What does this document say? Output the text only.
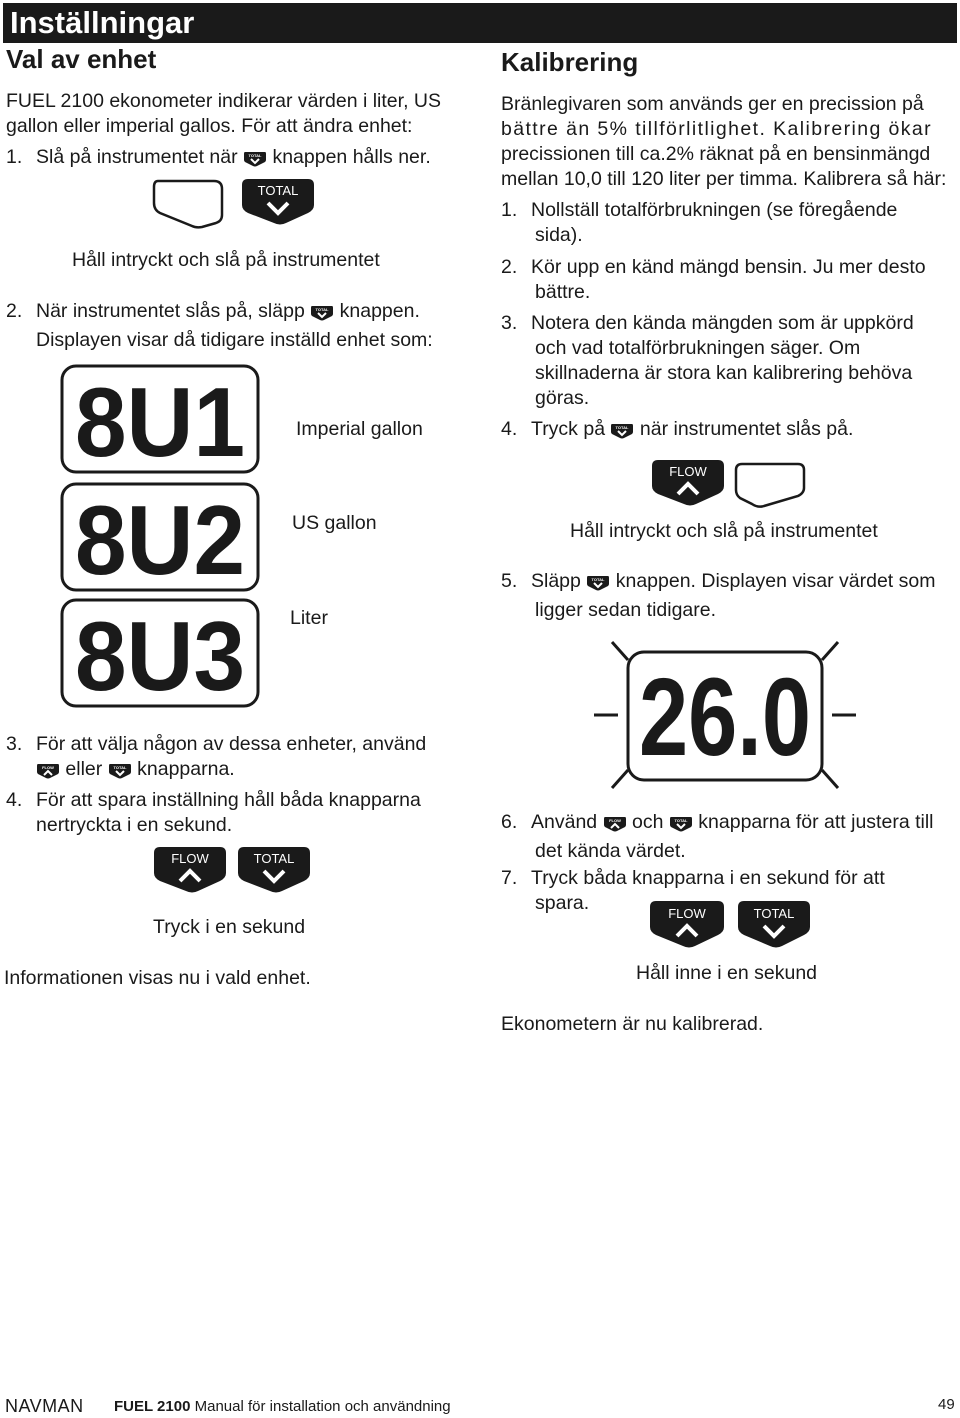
Inställningar
Val av enhet
FUEL 2100 ekonometer indikerar värden i liter, US
gallon eller imperial gallos. För att ändra enhet:
1. Slå på instrumentet när	TOTAL knappen hålls ner.
TOTAL
Håll intryckt och slå på instrumentet
2. När instrumentet slås på, släpp	TOTAL knappen.
Displayen visar då tidigare inställd enhet som:
8U1	Imperial gallon
8U2 US gallon
8U3 Liter
3. För att välja någon av dessa enheter, använd
FLOW eller	TOTAL knapparna.
4. För att spara inställning håll båda knapparna
nertryckta i en sekund.
FLOW	TOTAL
Tryck i en sekund
Informationen visas nu i vald enhet.
Kalibrering
Bränlegivaren som används ger en precission på
bättre än 5% tillförlitlighet. Kalibrering ökar
precissionen till ca.2% räknat på en bensinmängd
mellan 10,0 till 120 liter per timma. Kalibrera så här:
1. Nollställ totalförbrukningen (se föregående
sida).
2. Kör upp en känd mängd bensin. Ju mer desto
bättre.
3. Notera den kända mängden som är uppkörd
och vad totalförbrukningen säger. Om
skillnaderna är stora kan kalibrering behöva
göras.
4. Tryck på	TOTAL när instrumentet slås på.
FLOW
Håll intryckt och slå på instrumentet
5. Släpp	TOTAL knappen. Displayen visar värdet som
ligger sedan tidigare.
26.0
6. Använd	FLOW och	TOTAL knapparna för att justera till
det kända värdet.
7. Tryck båda knapparna i en sekund för att
spara.	FLOW	TOTAL
Håll inne i en sekund
Ekonometern är nu kalibrerad.
NAVMAN FUEL 2100 Manual för installation och användning	49
